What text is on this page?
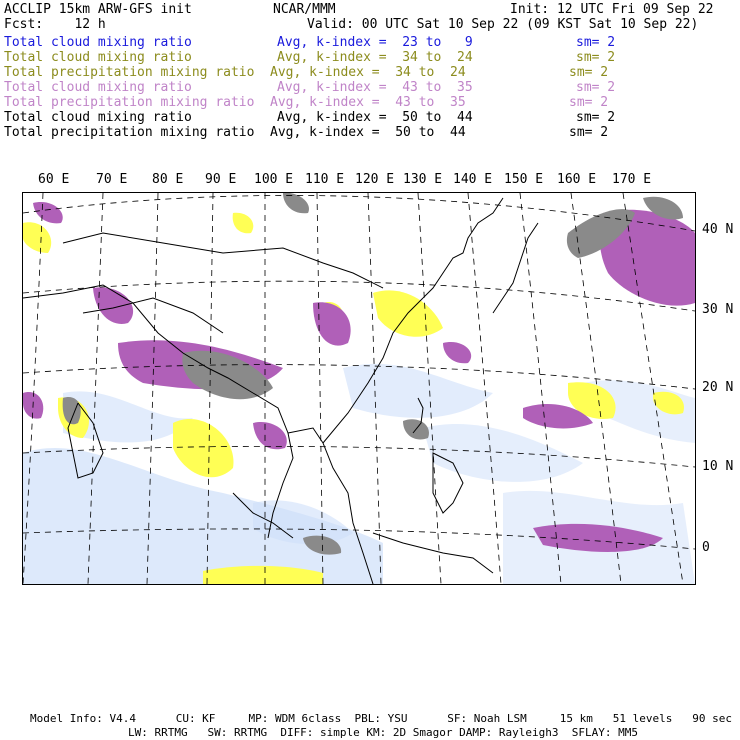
ACCLIP 15km ARW-GFS init	NCAR/MMM	Init: 12 UTC Fri 09 Sep 22
Fcst:    12 h	Valid: 00 UTC Sat 10 Sep 22 (09 KST Sat 10 Sep 22)
Total cloud mixing ratio	Avg, k-index =  23 to   9	sm= 2
Total cloud mixing ratio	Avg, k-index =  34 to  24	sm= 2
Total precipitation mixing ratio Avg, k-index =  34 to  24	sm= 2
Total cloud mixing ratio	Avg, k-index =  43 to  35	sm= 2
Total precipitation mixing ratio Avg, k-index =  43 to  35	sm= 2
Total cloud mixing ratio	Avg, k-index =  50 to  44	sm= 2
Total precipitation mixing ratio Avg, k-index =  50 to  44	sm= 2
60 E 70 E 80 E 90 E 100 E 110 E 120 E 130 E 140 E 150 E 160 E 170 E
40 N
30 N
20 N
10 N
0
Model Info: V4.4      CU: KF     MP: WDM 6class  PBL: YSU      SF: Noah LSM     15 km   51 levels   90 sec
LW: RRTMG   SW: RRTMG  DIFF: simple KM: 2D Smagor DAMP: Rayleigh3  SFLAY: MM5
